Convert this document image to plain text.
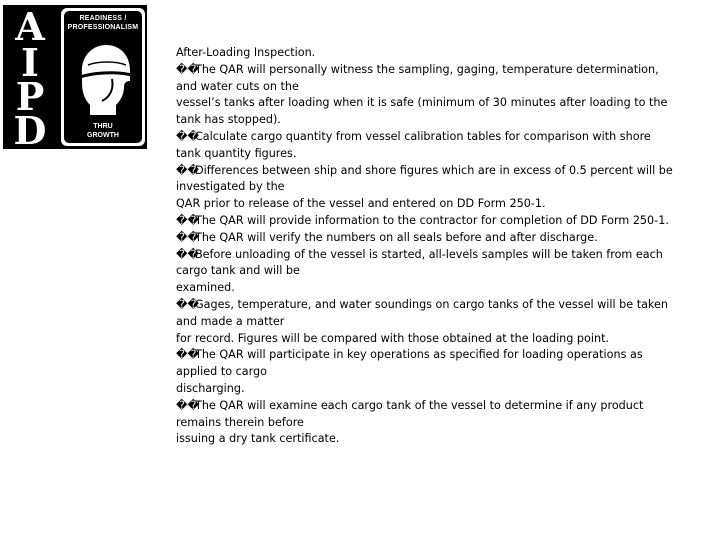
A
I
P
D
READINESS /
PROFESSIONALISM
THRU
GROWTH
After-Loading Inspection.
��The QAR will personally witness the sampling, gaging, temperature determination,
and water cuts on the
vessel’s tanks after loading when it is safe (minimum of 30 minutes after loading to the
tank has stopped).
��Calculate cargo quantity from vessel calibration tables for comparison with shore
tank quantity figures.
��Differences between ship and shore figures which are in excess of 0.5 percent will be
investigated by the
QAR prior to release of the vessel and entered on DD Form 250-1.
��The QAR will provide information to the contractor for completion of DD Form 250-1.
��The QAR will verify the numbers on all seals before and after discharge.
��Before unloading of the vessel is started, all-levels samples will be taken from each
cargo tank and will be
examined.
��Gages, temperature, and water soundings on cargo tanks of the vessel will be taken
and made a matter
for record. Figures will be compared with those obtained at the loading point.
��The QAR will participate in key operations as specified for loading operations as
applied to cargo
discharging.
��The QAR will examine each cargo tank of the vessel to determine if any product
remains therein before
issuing a dry tank certificate.
